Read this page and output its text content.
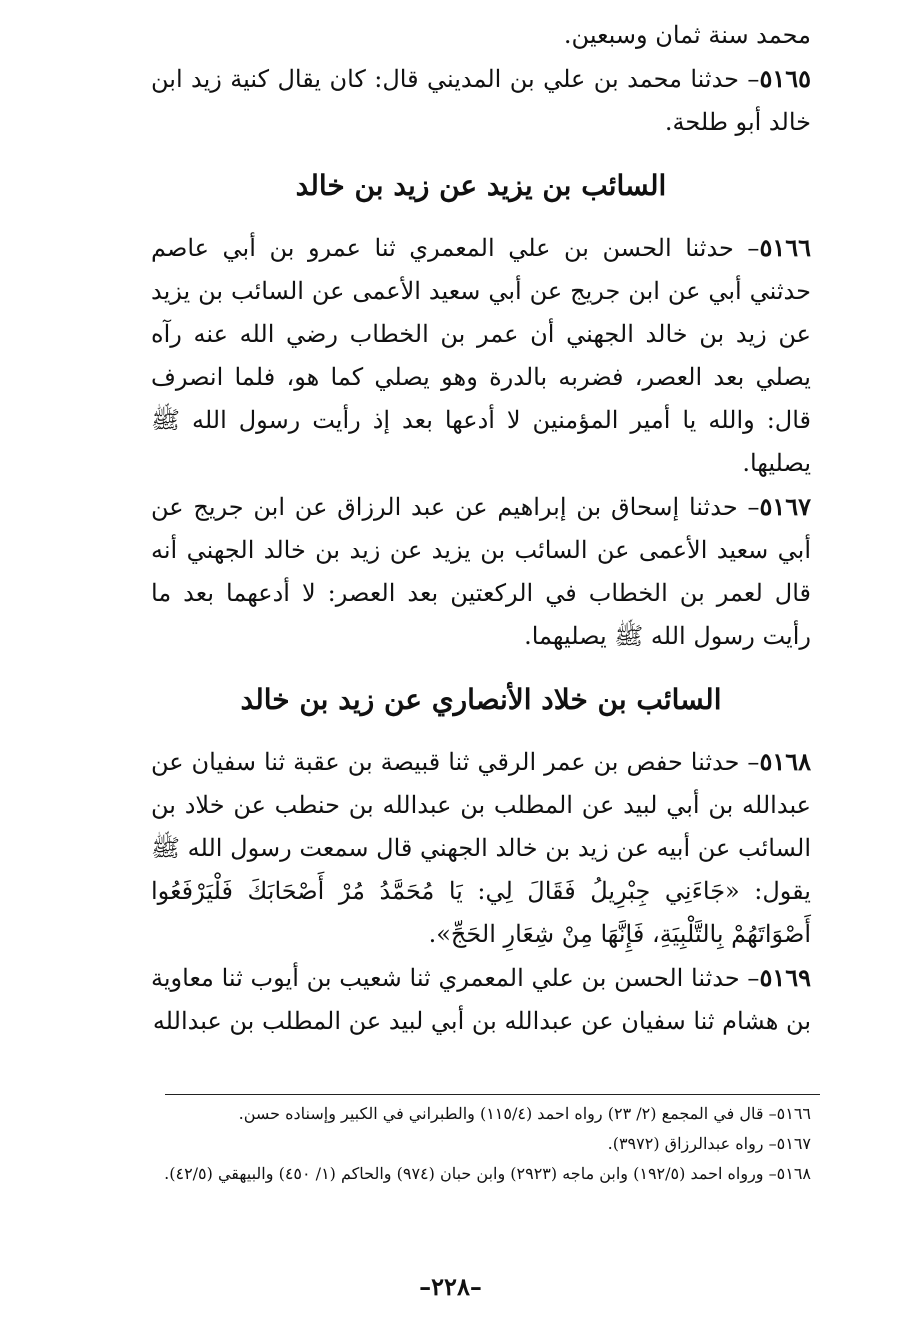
محمد سنة ثمان وسبعين.

٥١٦٥– حدثنا محمد بن علي بن المديني قال: كان يقال كنية زيد ابن خالد أبو طلحة.

السائب بن يزيد عن زيد بن خالد

٥١٦٦– حدثنا الحسن بن علي المعمري ثنا عمرو بن أبي عاصم حدثني أبي عن ابن جريج عن أبي سعيد الأعمى عن السائب بن يزيد عن زيد بن خالد الجهني أن عمر بن الخطاب رضي الله عنه رآه يصلي بعد العصر، فضربه بالدرة وهو يصلي كما هو، فلما انصرف قال: والله يا أمير المؤمنين لا أدعها بعد إذ رأيت رسول الله ﷺ يصليها.

٥١٦٧– حدثنا إسحاق بن إبراهيم عن عبد الرزاق عن ابن جريج عن أبي سعيد الأعمى عن السائب بن يزيد عن زيد بن خالد الجهني أنه قال لعمر بن الخطاب في الركعتين بعد العصر: لا أدعهما بعد ما رأيت رسول الله ﷺ يصليهما.

السائب بن خلاد الأنصاري عن زيد بن خالد

٥١٦٨– حدثنا حفص بن عمر الرقي ثنا قبيصة بن عقبة ثنا سفيان عن عبدالله بن أبي لبيد عن المطلب بن عبدالله بن حنطب عن خلاد بن السائب عن أبيه عن زيد بن خالد الجهني قال سمعت رسول الله ﷺ يقول: «جَاءَنِي جِبْرِيلُ فَقَالَ لِي: يَا مُحَمَّدُ مُرْ أَصْحَابَكَ فَلْيَرْفَعُوا أَصْوَاتَهُمْ بِالتَّلْبِيَةِ، فَإِنَّهَا مِنْ شِعَارِ الحَجِّ».

٥١٦٩– حدثنا الحسن بن علي المعمري ثنا شعيب بن أيوب ثنا معاوية بن هشام ثنا سفيان عن عبدالله بن أبي لبيد عن المطلب بن عبدالله

٥١٦٦– قال في المجمع (٢/ ٢٣) رواه احمد (١١٥/٤) والطبراني في الكبير وإسناده حسن.

٥١٦٧– رواه عبدالرزاق (٣٩٧٢).

٥١٦٨– ورواه احمد (١٩٢/٥) وابن ماجه (٢٩٢٣) وابن حبان (٩٧٤) والحاكم (١/ ٤٥٠) والبيهقي (٤٢/٥).

–٢٢٨–
